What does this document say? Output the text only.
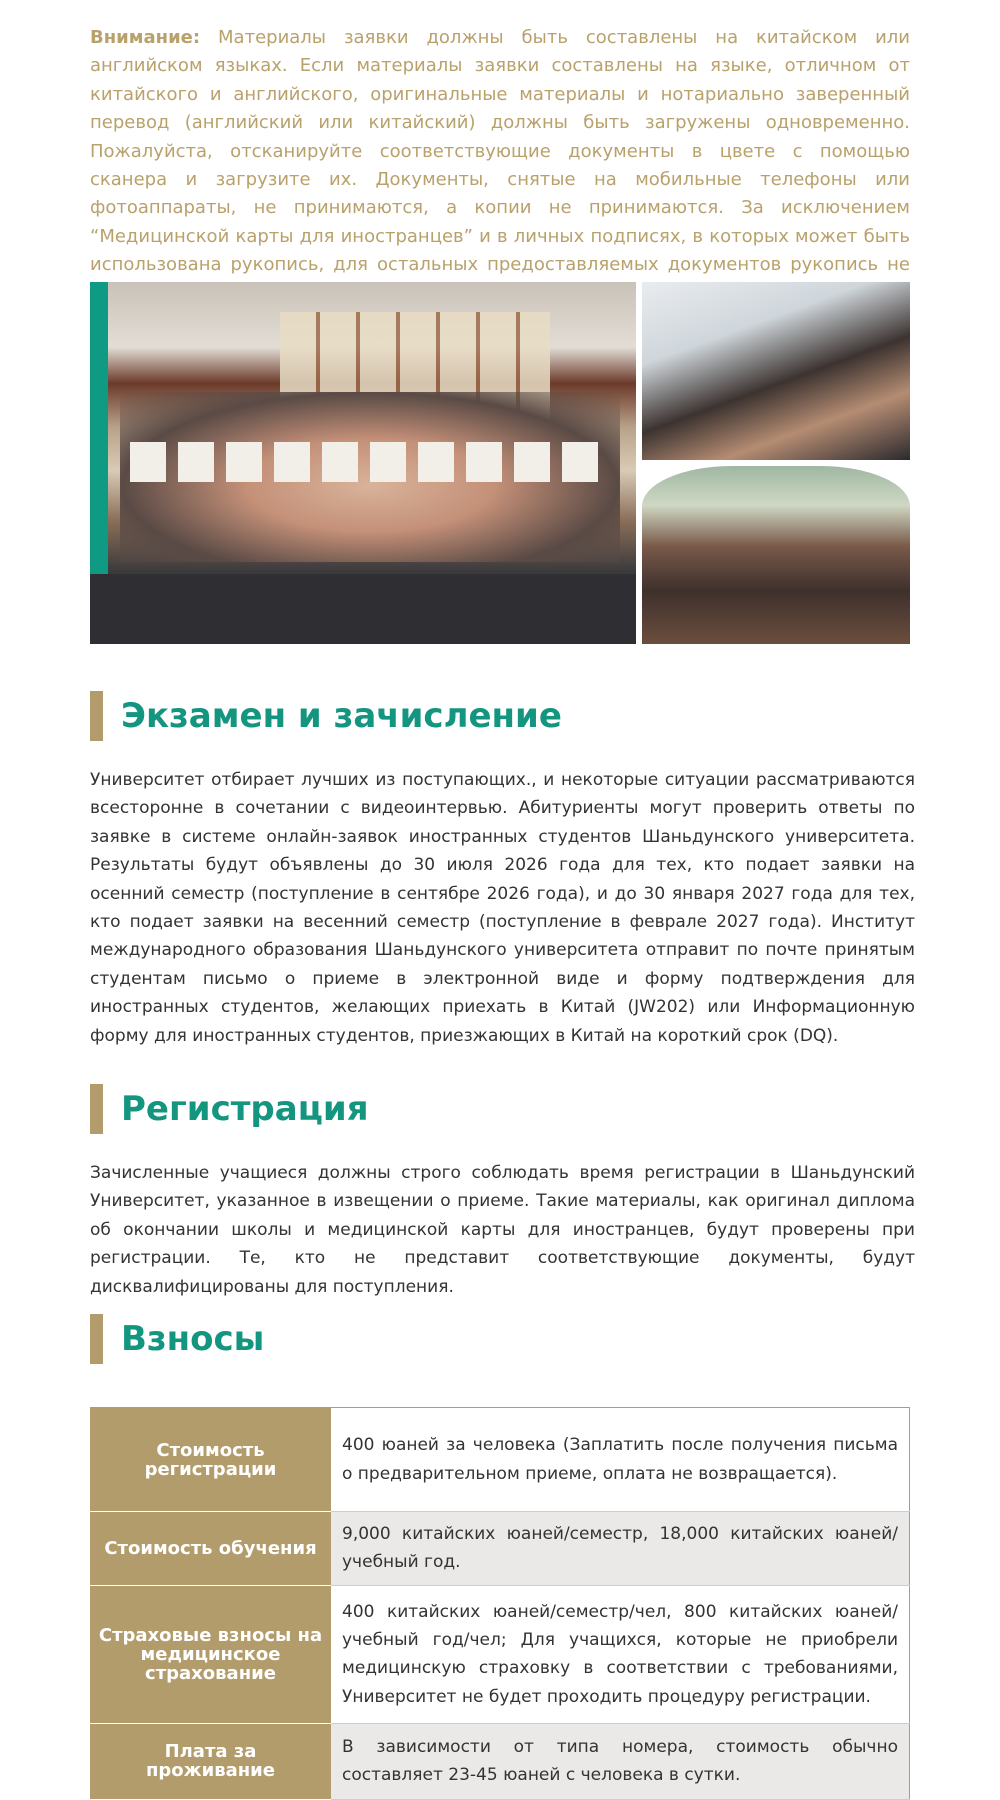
Внимание: Материалы заявки должны быть составлены на китайском или английском языках. Если материалы заявки составлены на языке, отличном от китайского и английского, оригинальные материалы и нотариально заверенный перевод (английский или китайский) должны быть загружены одновременно. Пожалуйста, отсканируйте соответствующие документы в цвете с помощью сканера и загрузите их. Документы, снятые на мобильные телефоны или фотоаппараты, не принимаются, а копии не принимаются. За исключением “Медицинской карты для иностранцев” и в личных подписях, в которых может быть использована рукопись, для остальных предоставляемых документов рукопись не

Экзамен и зачисление

Университет отбирает лучших из поступающих., и некоторые ситуации рассматриваются всесторонне в сочетании с видеоинтервью. Абитуриенты могут проверить ответы по заявке в системе онлайн-заявок иностранных студентов Шаньдунского университета. Результаты будут объявлены до 30 июля 2026 года для тех, кто подает заявки на осенний семестр (поступление в сентябре 2026 года), и до 30 января 2027 года для тех, кто подает заявки на весенний семестр (поступление в феврале 2027 года). Институт международного образования Шаньдунского университета отправит по почте принятым студентам письмо о приеме в электронной виде и форму подтверждения для иностранных студентов, желающих приехать в Китай (JW202) или Информационную форму для иностранных студентов, приезжающих в Китай на короткий срок (DQ).

Регистрация

Зачисленные учащиеся должны строго соблюдать время регистрации в Шаньдунский Университет, указанное в извещении о приеме. Такие материалы, как оригинал диплома об окончании школы и медицинской карты для иностранцев, будут проверены при регистрации. Те, кто не представит соответствующие документы, будут дисквалифицированы для поступления.

Взносы
Стоимость регистрации	400 юаней за человека (Заплатить после получения письма о предварительном приеме, оплата не возвращается).
Стоимость обучения	9,000 китайских юаней/семестр, 18,000 китайских юаней/учебный год.
Страховые взносы на медицинское страхование	400 китайских юаней/семестр/чел, 800 китайских юаней/учебный год/чел; Для учащихся, которые не приобрели медицинскую страховку в соответствии с требованиями, Университет не будет проходить процедуру регистрации.
Плата за проживание	В зависимости от типа номера, стоимость обычно составляет 23-45 юаней с человека в сутки.
